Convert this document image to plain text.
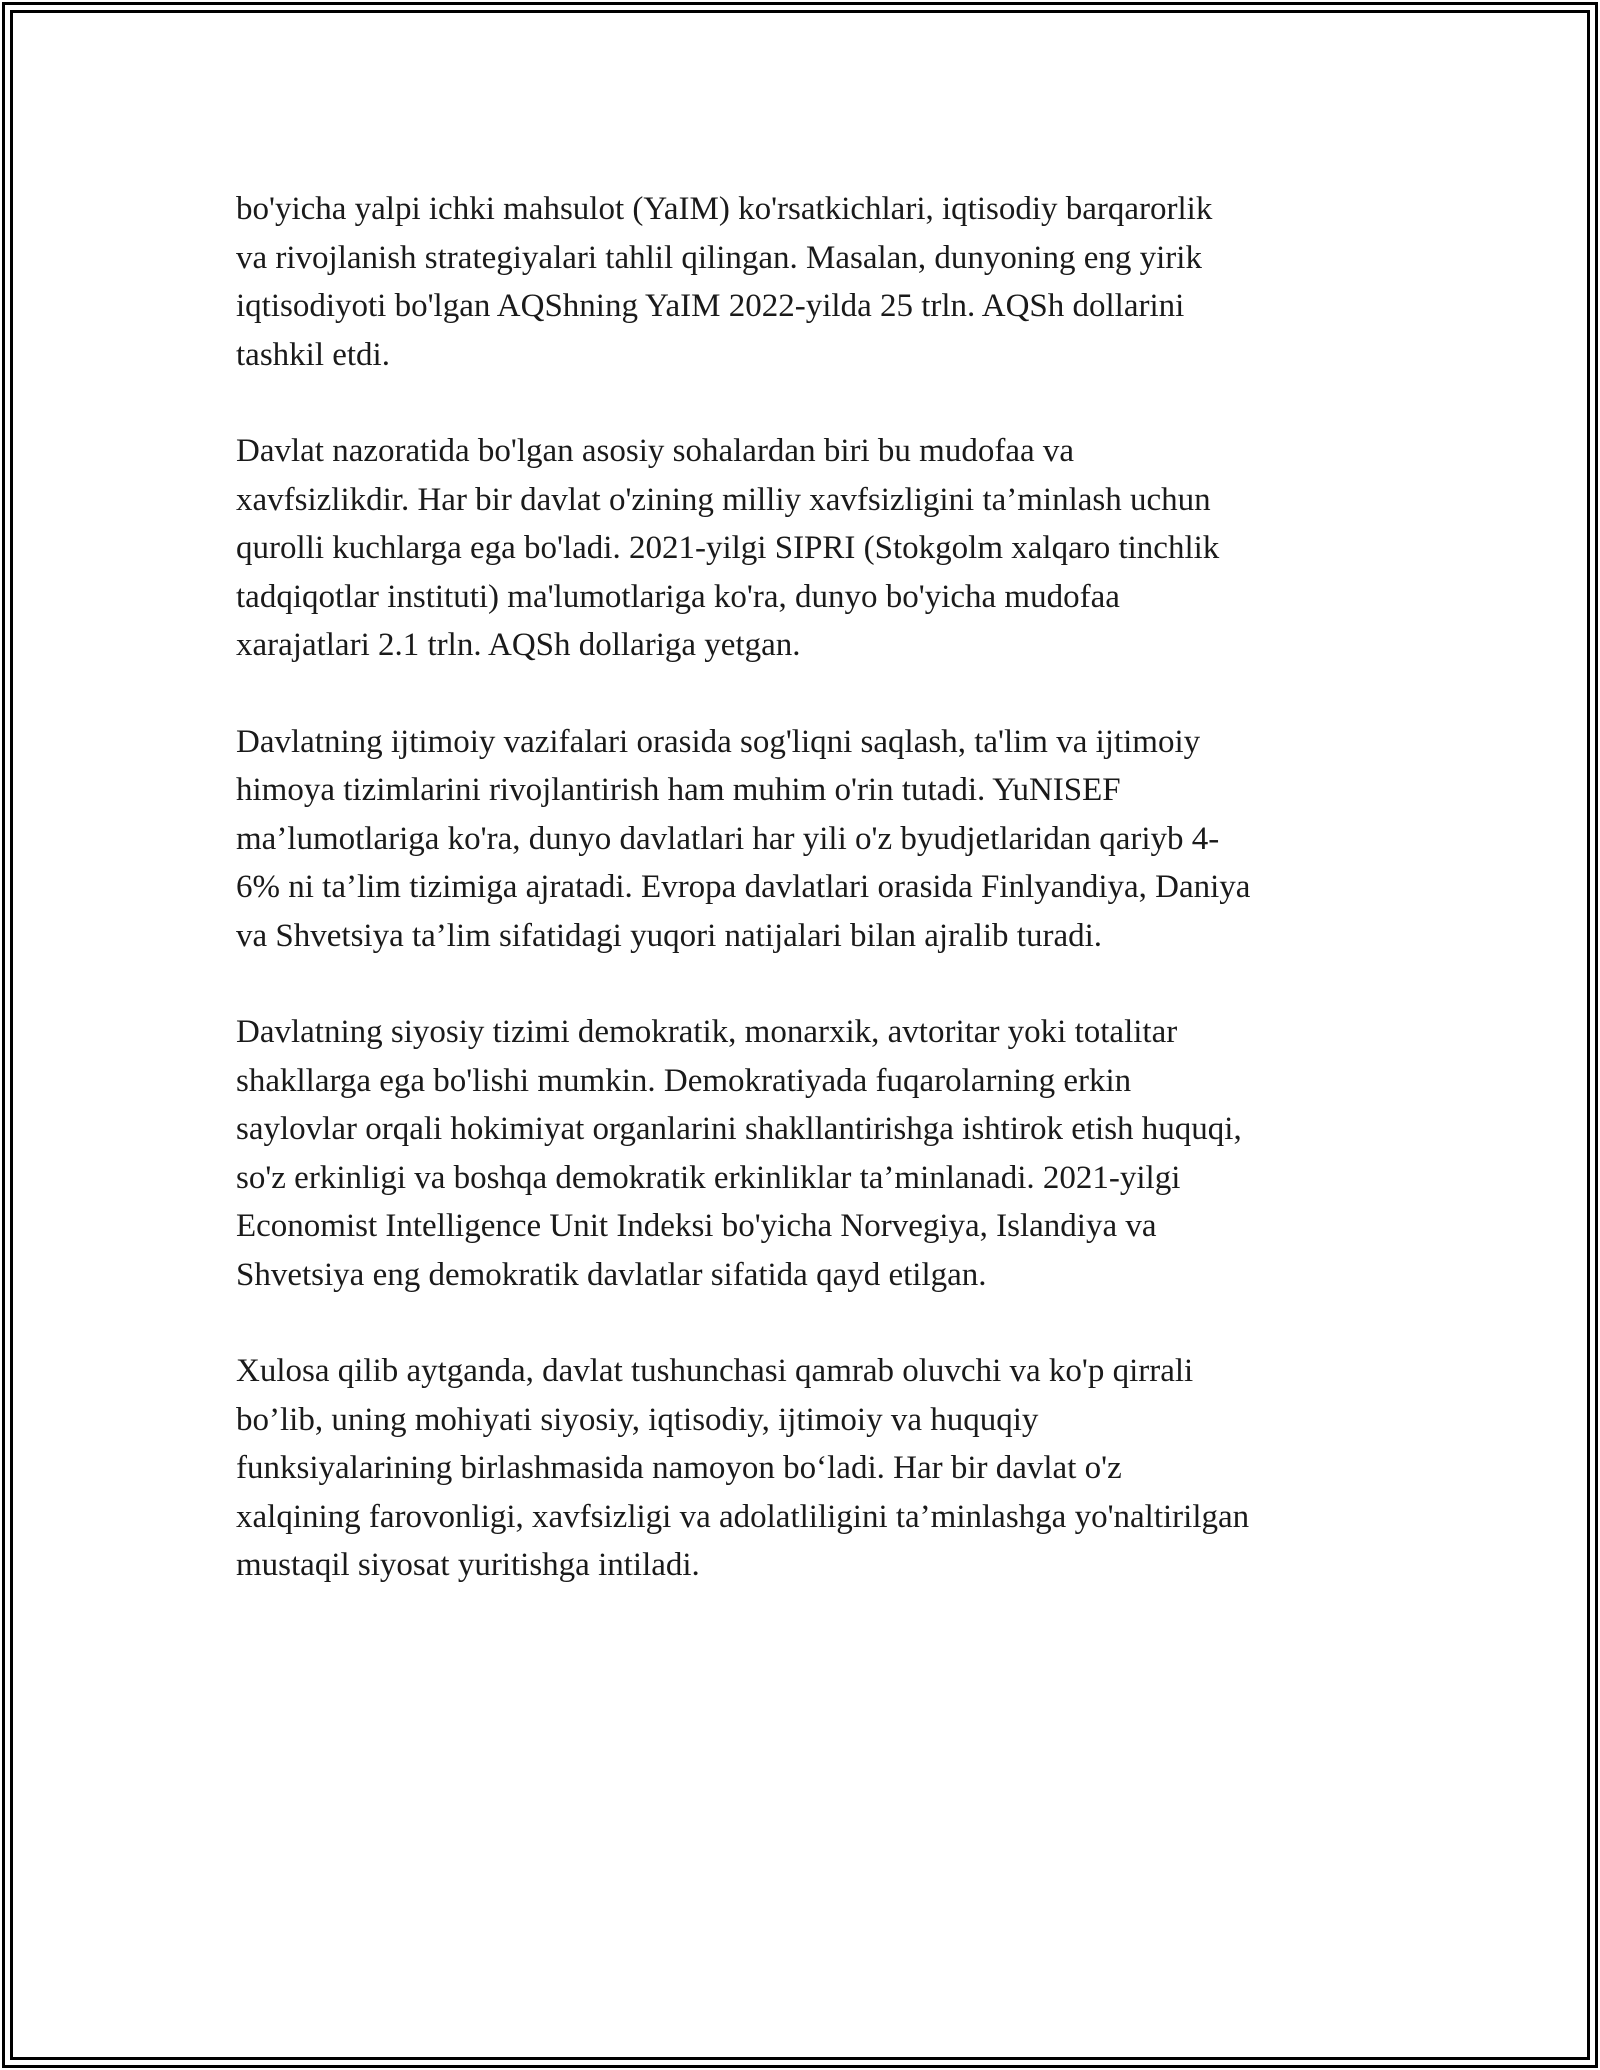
bo'yicha yalpi ichki mahsulot (YaIM) ko'rsatkichlari, iqtisodiy barqarorlik
va rivojlanish strategiyalari tahlil qilingan. Masalan, dunyoning eng yirik
iqtisodiyoti bo'lgan AQShning YaIM 2022-yilda 25 trln. AQSh dollarini
tashkil etdi.

Davlat nazoratida bo'lgan asosiy sohalardan biri bu mudofaa va
xavfsizlikdir. Har bir davlat o'zining milliy xavfsizligini ta’minlash uchun
qurolli kuchlarga ega bo'ladi. 2021-yilgi SIPRI (Stokgolm xalqaro tinchlik
tadqiqotlar instituti) ma'lumotlariga ko'ra, dunyo bo'yicha mudofaa
xarajatlari 2.1 trln. AQSh dollariga yetgan.

Davlatning ijtimoiy vazifalari orasida sog'liqni saqlash, ta'lim va ijtimoiy
himoya tizimlarini rivojlantirish ham muhim o'rin tutadi. YuNISEF
ma’lumotlariga ko'ra, dunyo davlatlari har yili o'z byudjetlaridan qariyb 4-
6% ni ta’lim tizimiga ajratadi. Evropa davlatlari orasida Finlyandiya, Daniya
va Shvetsiya ta’lim sifatidagi yuqori natijalari bilan ajralib turadi.

Davlatning siyosiy tizimi demokratik, monarxik, avtoritar yoki totalitar
shakllarga ega bo'lishi mumkin. Demokratiyada fuqarolarning erkin
saylovlar orqali hokimiyat organlarini shakllantirishga ishtirok etish huquqi,
so'z erkinligi va boshqa demokratik erkinliklar ta’minlanadi. 2021-yilgi
Economist Intelligence Unit Indeksi bo'yicha Norvegiya, Islandiya va
Shvetsiya eng demokratik davlatlar sifatida qayd etilgan.

Xulosa qilib aytganda, davlat tushunchasi qamrab oluvchi va ko'p qirrali
bo’lib, uning mohiyati siyosiy, iqtisodiy, ijtimoiy va huquqiy
funksiyalarining birlashmasida namoyon bo‘ladi. Har bir davlat o'z
xalqining farovonligi, xavfsizligi va adolatliligini ta’minlashga yo'naltirilgan
mustaqil siyosat yuritishga intiladi.
